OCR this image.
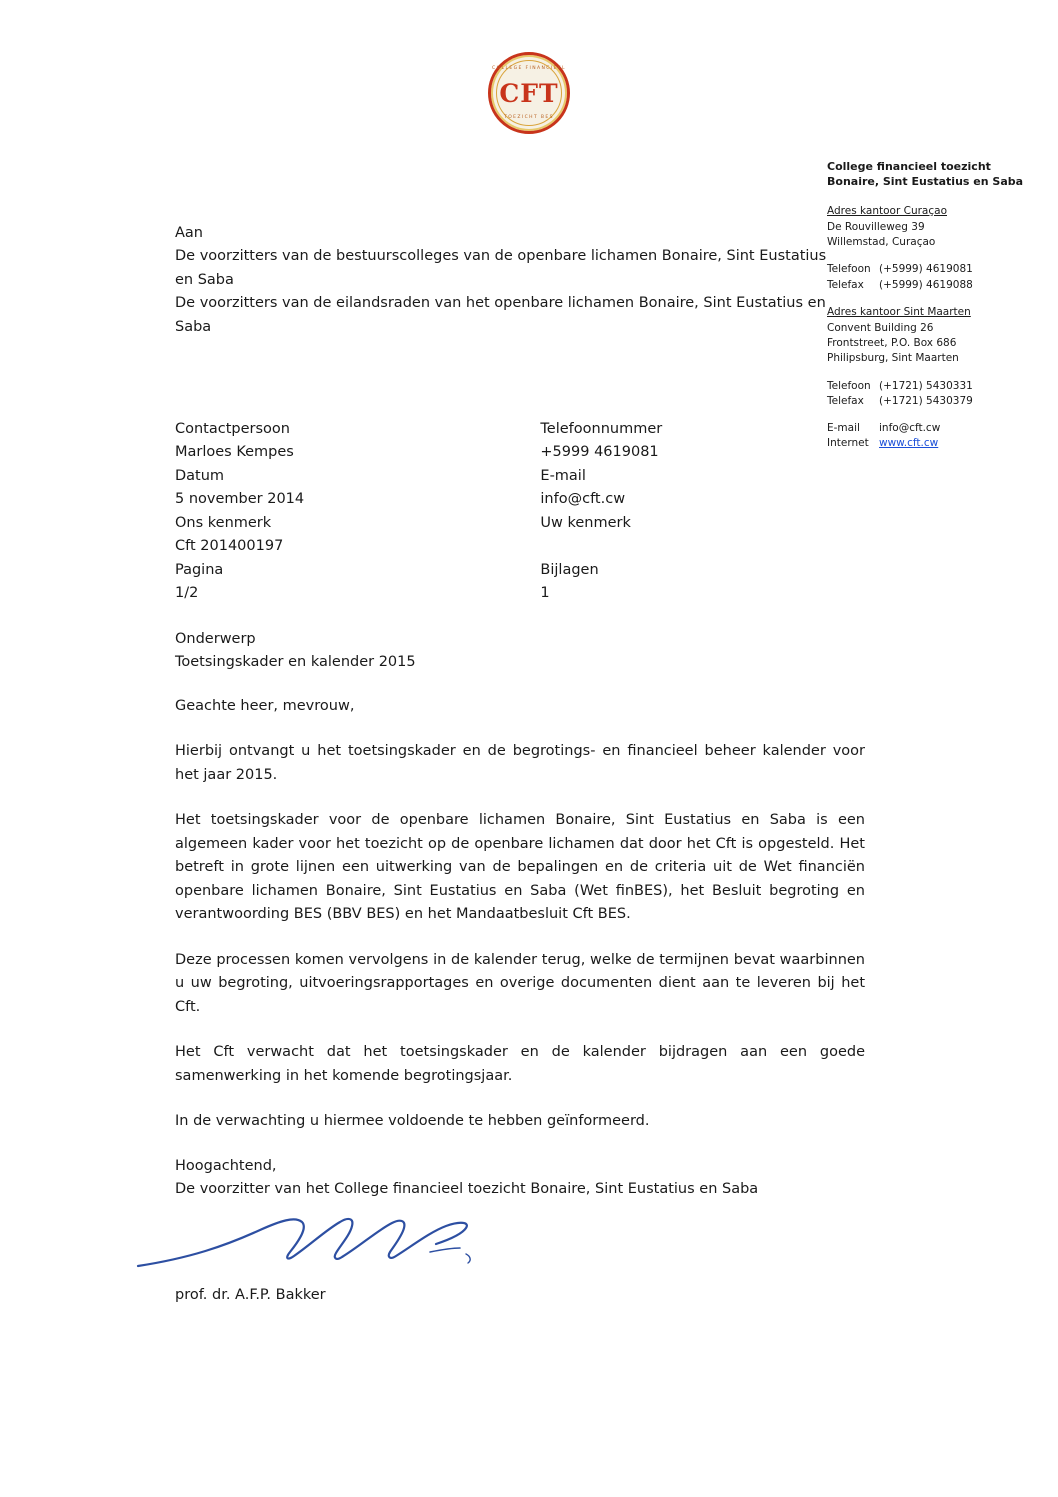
COLLEGE FINANCIEEL
CFT
TOEZICHT BES
College financieel toezicht Bonaire, Sint Eustatius en Saba
Adres kantoor Curaçao
De Rouvilleweg 39
Willemstad, Curaçao
Telefoon (+5999) 4619081
Telefax (+5999) 4619088
Adres kantoor Sint Maarten
Convent Building 26
Frontstreet, P.O. Box 686
Philipsburg, Sint Maarten
Telefoon (+1721) 5430331
Telefax (+1721) 5430379
E-mail info@cft.cw
Internet www.cft.cw
Aan
De voorzitters van de bestuurscolleges van de openbare lichamen Bonaire, Sint Eustatius en Saba
De voorzitters van de eilandsraden van het openbare lichamen Bonaire, Sint Eustatius en Saba
Contactpersoon
Marloes Kempes
Datum
5 november 2014
Ons kenmerk
Cft 201400197
Pagina
1/2
Telefoonnummer
+5999 4619081
E-mail
info@cft.cw
Uw kenmerk
Bijlagen
1
Onderwerp
Toetsingskader en kalender 2015

Geachte heer, mevrouw,

Hierbij ontvangt u het toetsingskader en de begrotings- en financieel beheer kalender voor het jaar 2015.

Het toetsingskader voor de openbare lichamen Bonaire, Sint Eustatius en Saba is een algemeen kader voor het toezicht op de openbare lichamen dat door het Cft is opgesteld. Het betreft in grote lijnen een uitwerking van de bepalingen en de criteria uit de Wet financiën openbare lichamen Bonaire, Sint Eustatius en Saba (Wet finBES), het Besluit begroting en verantwoording BES (BBV BES) en het Mandaatbesluit Cft BES.

Deze processen komen vervolgens in de kalender terug, welke de termijnen bevat waarbinnen u uw begroting, uitvoeringsrapportages en overige documenten dient aan te leveren bij het Cft.

Het Cft verwacht dat het toetsingskader en de kalender bijdragen aan een goede samenwerking in het komende begrotingsjaar.

In de verwachting u hiermee voldoende te hebben geïnformeerd.

Hoogachtend,
De voorzitter van het College financieel toezicht Bonaire, Sint Eustatius en Saba
prof. dr. A.F.P. Bakker
